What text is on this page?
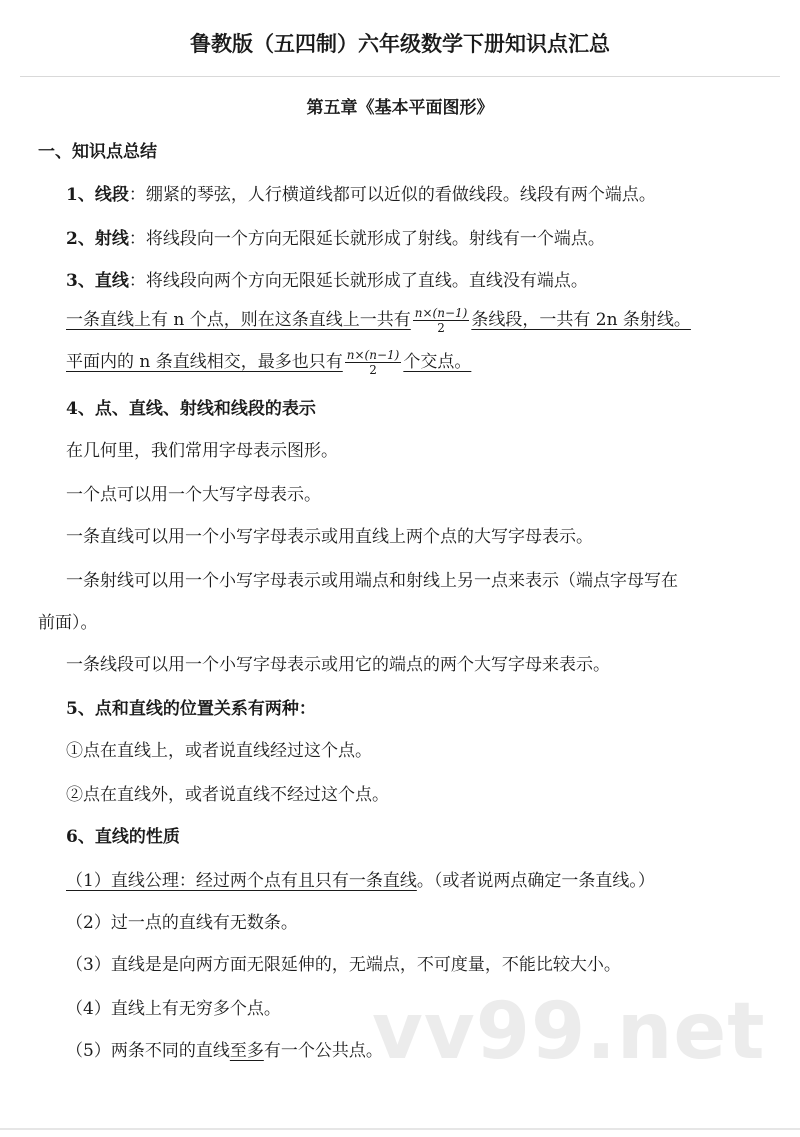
鲁教版（五四制）六年级数学下册知识点汇总
第五章《基本平面图形》
一、知识点总结
1、线段：绷紧的琴弦，人行横道线都可以近似的看做线段。线段有两个端点。
2、射线：将线段向一个方向无限延长就形成了射线。射线有一个端点。
3、直线：将线段向两个方向无限延长就形成了直线。直线没有端点。
一条直线上有 n 个点，则在这条直线上一共有 $\frac{n\times(n-1)}{2}$ 条线段，一共有 2n 条射线。
平面内的 n 条直线相交，最多也只有 $\frac{n\times(n-1)}{2}$ 个交点。
4、点、直线、射线和线段的表示
在几何里，我们常用字母表示图形。
一个点可以用一个大写字母表示。
一条直线可以用一个小写字母表示或用直线上两个点的大写字母表示。
一条射线可以用一个小写字母表示或用端点和射线上另一点来表示（端点字母写在
前面）。
一条线段可以用一个小写字母表示或用它的端点的两个大写字母来表示。
5、点和直线的位置关系有两种：
①点在直线上，或者说直线经过这个点。
②点在直线外，或者说直线不经过这个点。
6、直线的性质
（1）直线公理：经过两个点有且只有一条直线。（或者说两点确定一条直线。）
（2）过一点的直线有无数条。
（3）直线是是向两方面无限延伸的，无端点，不可度量，不能比较大小。
（4）直线上有无穷多个点。
（5）两条不同的直线至多有一个公共点。
vv99.net
